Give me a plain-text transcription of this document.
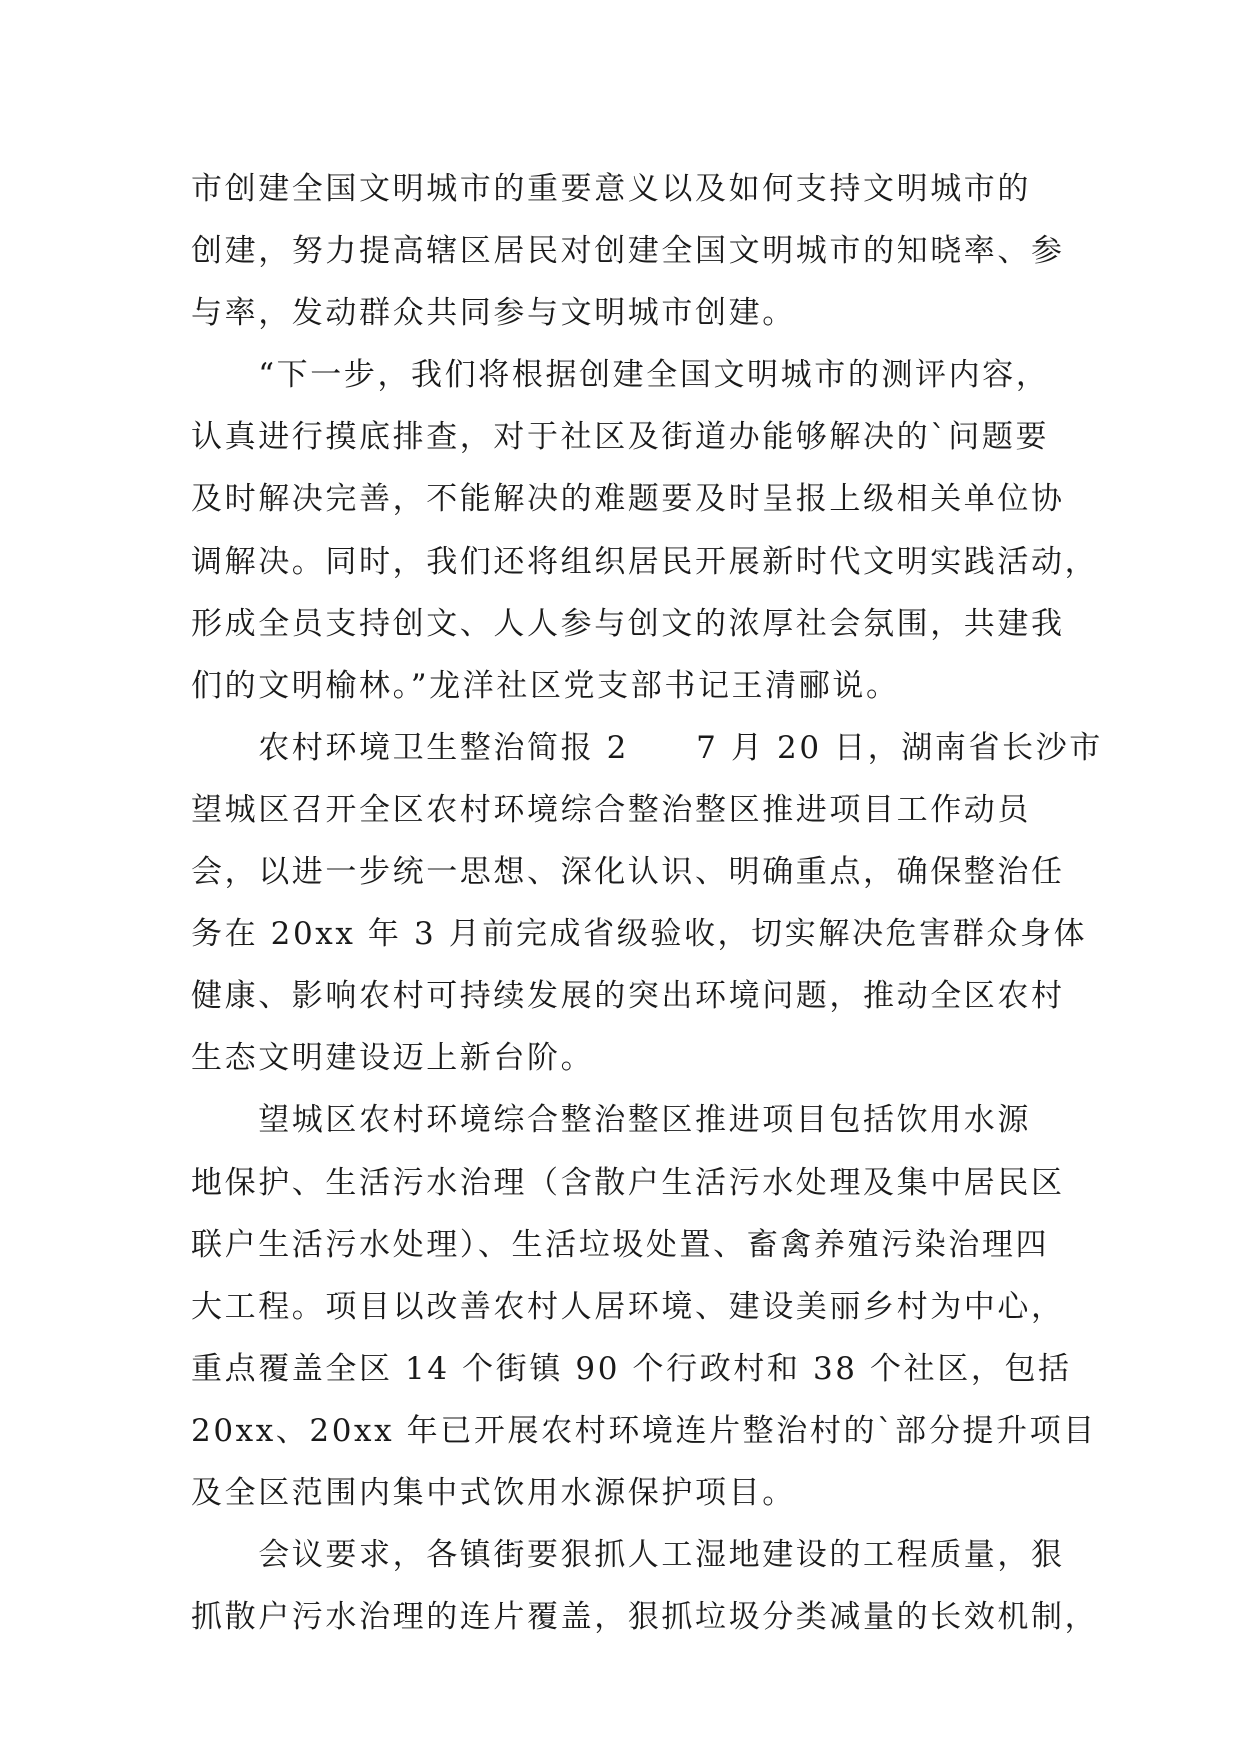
市创建全国文明城市的重要意义以及如何支持文明城市的
创建，努力提高辖区居民对创建全国文明城市的知晓率、参
与率，发动群众共同参与文明城市创建。
　　“下一步，我们将根据创建全国文明城市的测评内容，
认真进行摸底排查，对于社区及街道办能够解决的`问题要
及时解决完善，不能解决的难题要及时呈报上级相关单位协
调解决。同时，我们还将组织居民开展新时代文明实践活动，
形成全员支持创文、人人参与创文的浓厚社会氛围，共建我
们的文明榆林。”龙洋社区党支部书记王清郦说。
　　农村环境卫生整治简报 2　　7 月 20 日，湖南省长沙市
望城区召开全区农村环境综合整治整区推进项目工作动员
会，以进一步统一思想、深化认识、明确重点，确保整治任
务在 20xx 年 3 月前完成省级验收，切实解决危害群众身体
健康、影响农村可持续发展的突出环境问题，推动全区农村
生态文明建设迈上新台阶。
　　望城区农村环境综合整治整区推进项目包括饮用水源
地保护、生活污水治理（含散户生活污水处理及集中居民区
联户生活污水处理）、生活垃圾处置、畜禽养殖污染治理四
大工程。项目以改善农村人居环境、建设美丽乡村为中心，
重点覆盖全区 14 个街镇 90 个行政村和 38 个社区，包括
20xx、20xx 年已开展农村环境连片整治村的`部分提升项目
及全区范围内集中式饮用水源保护项目。
　　会议要求，各镇街要狠抓人工湿地建设的工程质量，狠
抓散户污水治理的连片覆盖，狠抓垃圾分类减量的长效机制，
